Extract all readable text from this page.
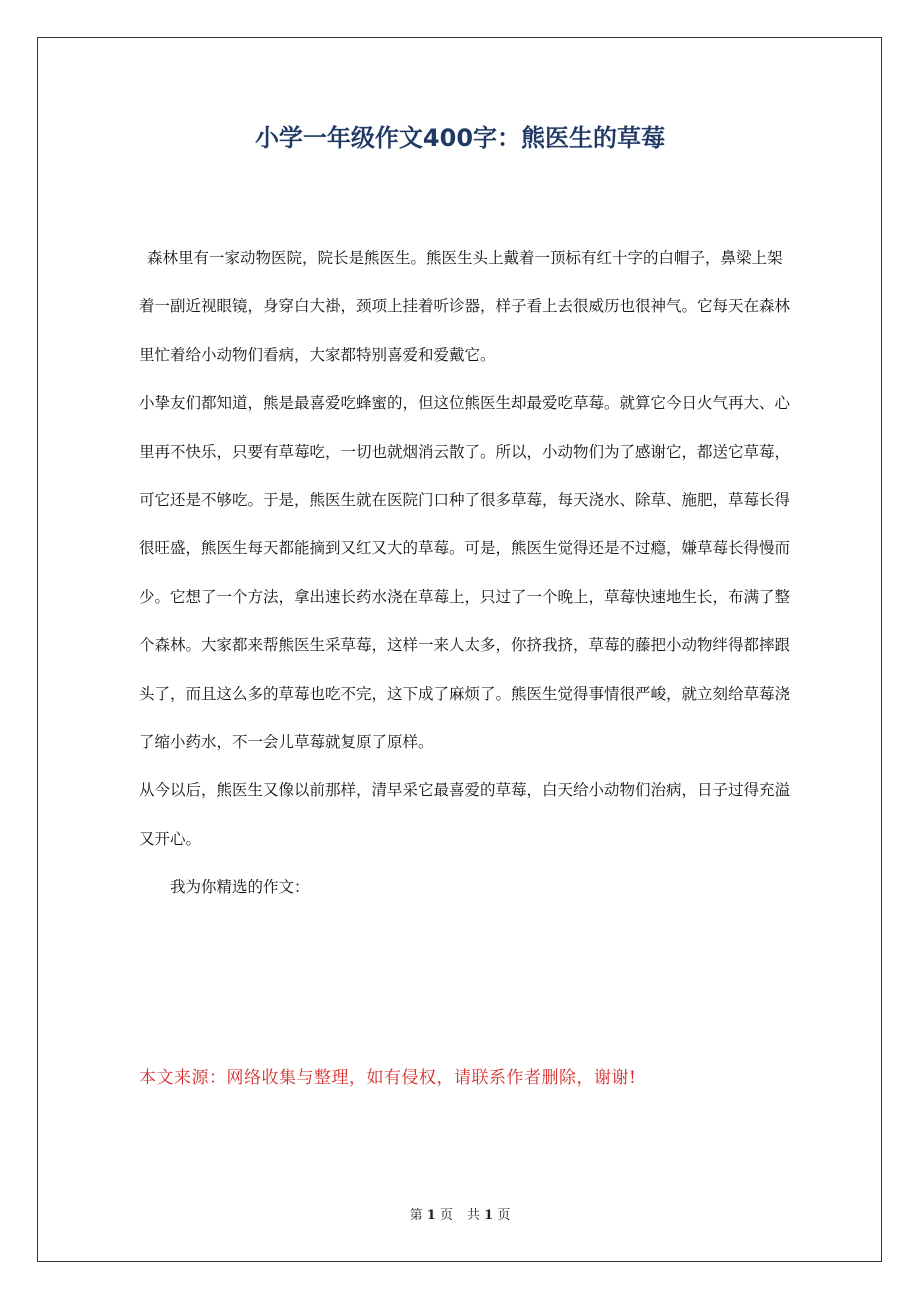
小学一年级作文400字：熊医生的草莓

森林里有一家动物医院，院长是熊医生。熊医生头上戴着一顶标有红十字的白帽子，鼻梁上架着一副近视眼镜，身穿白大褂，颈项上挂着听诊器，样子看上去很威历也很神气。它每天在森林里忙着给小动物们看病，大家都特别喜爱和爱戴它。

小挚友们都知道，熊是最喜爱吃蜂蜜的，但这位熊医生却最爱吃草莓。就算它今日火气再大、心里再不快乐，只要有草莓吃，一切也就烟消云散了。所以，小动物们为了感谢它，都送它草莓，可它还是不够吃。于是，熊医生就在医院门口种了很多草莓，每天浇水、除草、施肥，草莓长得很旺盛，熊医生每天都能摘到又红又大的草莓。可是，熊医生觉得还是不过瘾，嫌草莓长得慢而少。它想了一个方法，拿出速长药水浇在草莓上，只过了一个晚上，草莓快速地生长，布满了整个森林。大家都来帮熊医生采草莓，这样一来人太多，你挤我挤，草莓的藤把小动物绊得都摔跟头了，而且这么多的草莓也吃不完，这下成了麻烦了。熊医生觉得事情很严峻，就立刻给草莓浇了缩小药水，不一会儿草莓就复原了原样。

从今以后，熊医生又像以前那样，清早采它最喜爱的草莓，白天给小动物们治病，日子过得充溢又开心。

我为你精选的作文：

本文来源：网络收集与整理，如有侵权，请联系作者删除，谢谢!

第 1 页 共 1 页
